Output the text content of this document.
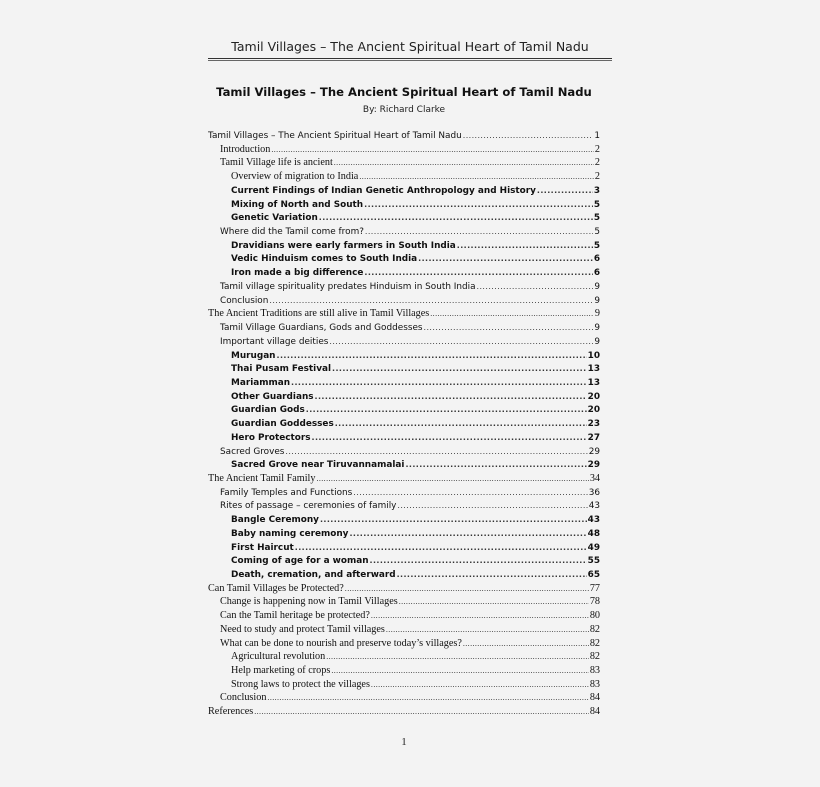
Tamil Villages – The Ancient Spiritual Heart of Tamil Nadu
Tamil Villages – The Ancient Spiritual Heart of Tamil Nadu
By: Richard Clarke
Tamil Villages – The Ancient Spiritual Heart of Tamil Nadu .....	1
Introduction .....	2
Tamil Village life is ancient .....	2
Overview of migration to India .....	2
Current Findings of Indian Genetic Anthropology and History .....	3
Mixing of North and South .....	5
Genetic Variation .....	5
Where did the Tamil come from? .....	5
Dravidians were early farmers in South India .....	5
Vedic Hinduism comes to South India .....	6
Iron made a big difference .....	6
Tamil village spirituality predates Hinduism in South India .....	9
Conclusion .....	9
The Ancient Traditions are still alive in Tamil Villages .....	9
Tamil Village Guardians, Gods and Goddesses .....	9
Important village deities .....	9
Murugan .....	10
Thai Pusam Festival .....	13
Mariamman .....	13
Other Guardians .....	20
Guardian Gods .....	20
Guardian Goddesses .....	23
Hero Protectors .....	27
Sacred Groves .....	29
Sacred Grove near Tiruvannamalai .....	29
The Ancient Tamil Family .....	34
Family Temples and Functions .....	36
Rites of passage – ceremonies of family .....	43
Bangle Ceremony .....	43
Baby naming ceremony .....	48
First Haircut .....	49
Coming of age for a woman .....	55
Death, cremation, and afterward .....	65
Can Tamil Villages be Protected? .....	77
Change is happening now in Tamil Villages .....	78
Can the Tamil heritage be protected? .....	80
Need to study and protect Tamil villages .....	82
What can be done to nourish and preserve today’s villages? .....	82
Agricultural revolution .....	82
Help marketing of crops .....	83
Strong laws to protect the villages .....	83
Conclusion .....	84
References .....	84
1
